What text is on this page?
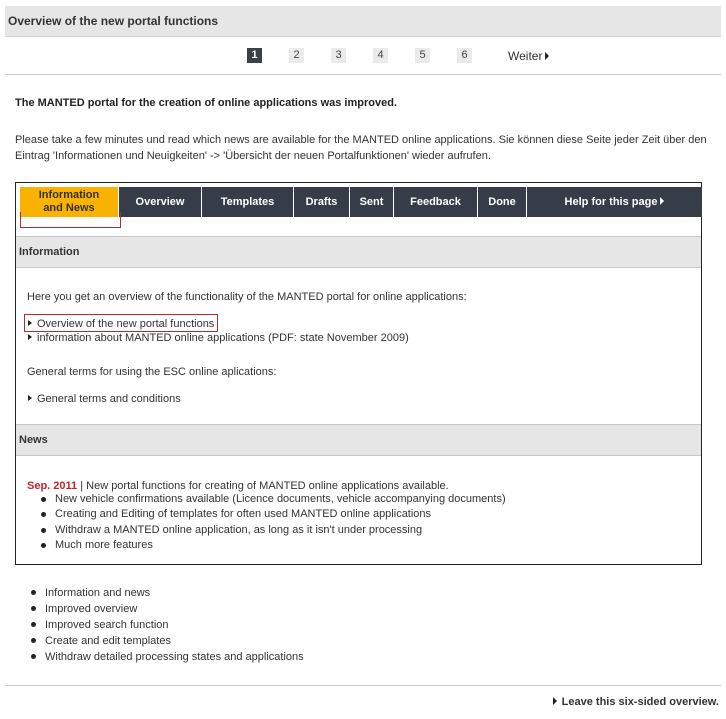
Overview of the new portal functions
1	2	3	4	5	6	Weiter
The MANTED portal for the creation of online applications was improved.
Please take a few minutes und read which news are available for the MANTED online applications. Sie können diese Seite jeder Zeit über den
Eintrag 'Informationen und Neuigkeiten' -> 'Übersicht der neuen Portalfunktionen' wieder aufrufen.
Information
and News	Overview	Templates	Drafts	Sent	Feedback	Done	Help for this page
Information
Here you get an overview of the functionality of the MANTED portal for online applications:
Overview of the new portal functions
information about MANTED online applications (PDF: state November 2009)
General terms for using the ESC online aplications:
General terms and conditions
News
Sep. 2011 | New portal functions for creating of MANTED online applications available.
New vehicle confirmations available (Licence documents, vehicle accompanying documents)
Creating and Editing of templates for often used MANTED online applications
Withdraw a MANTED online application, as long as it isn't under processing
Much more features
Information and news
Improved overview
Improved search function
Create and edit templates
Withdraw detailed processing states and applications
Leave this six-sided overview.
